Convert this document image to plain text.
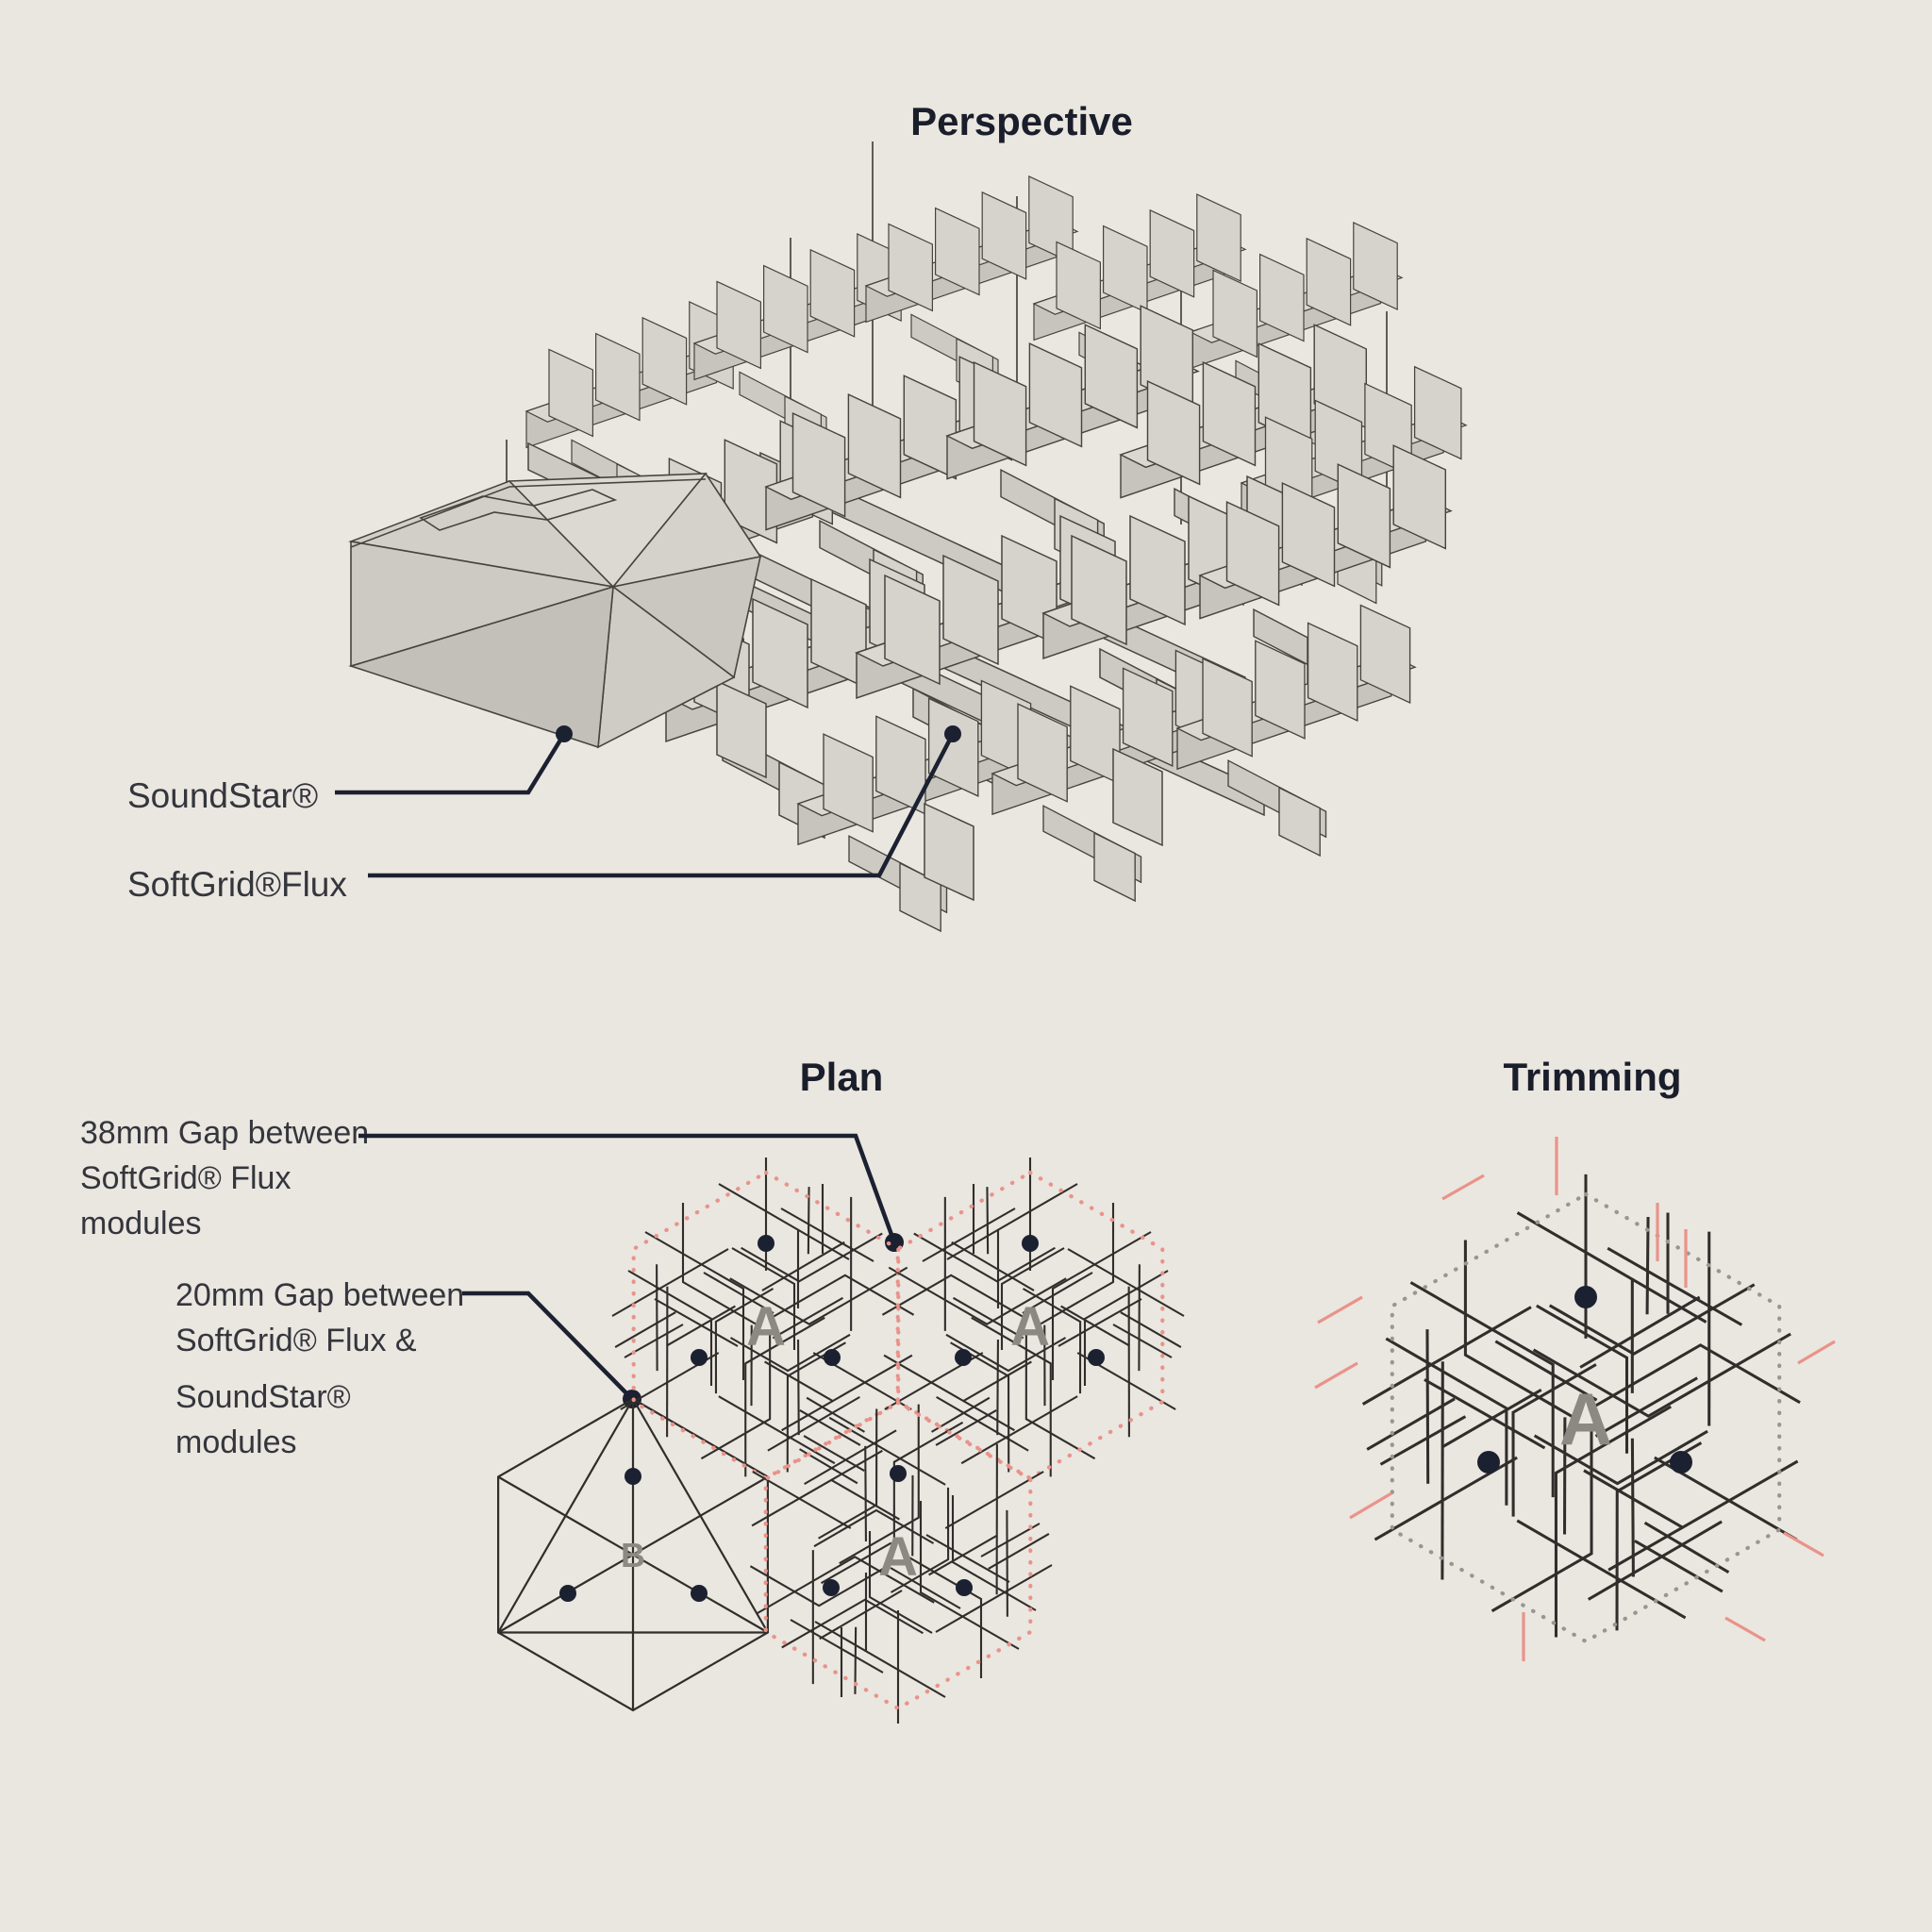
Perspective
SoundStar®
SoftGrid®Flux
Plan
38mm Gap between
SoftGrid® Flux
modules
20mm Gap between
SoftGrid® Flux &
SoundStar®
modules
B
A	A
A
Trimming
A
